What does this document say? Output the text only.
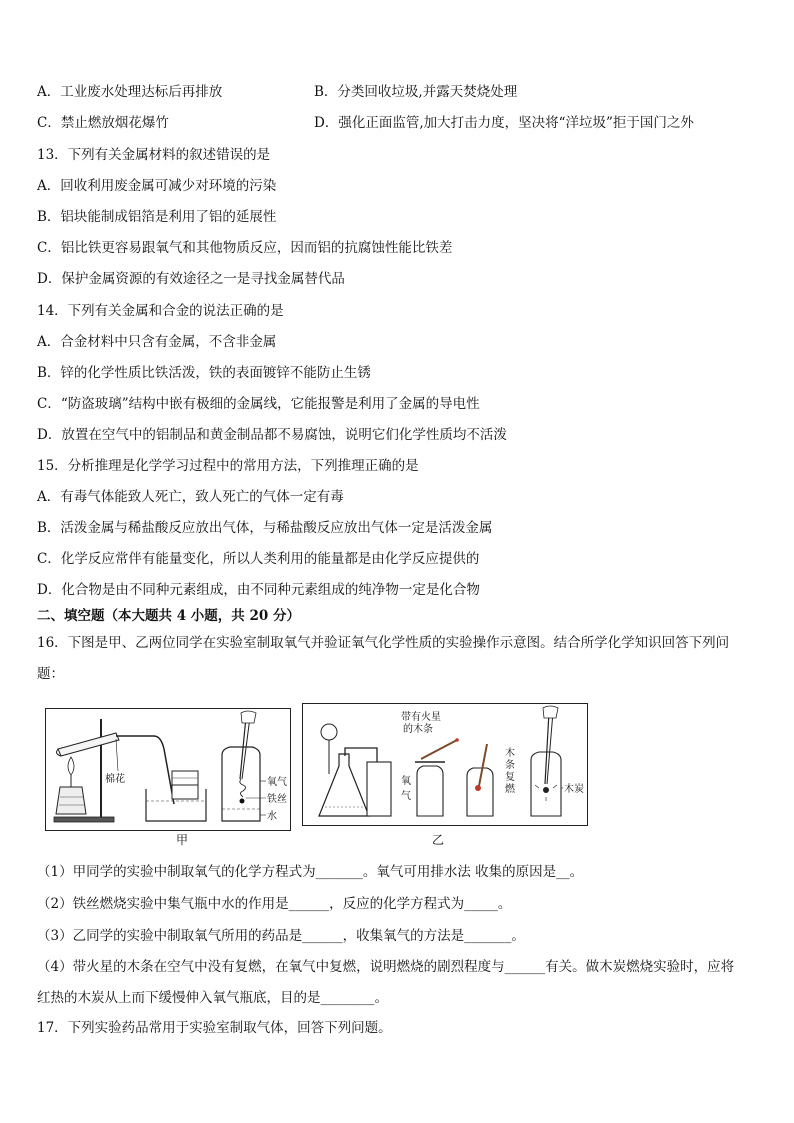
A．工业废水处理达标后再排放	B．分类回收垃圾,并露天焚烧处理
C．禁止燃放烟花爆竹	D．强化正面监管,加大打击力度，坚决将“洋垃圾”拒于国门之外
13．下列有关金属材料的叙述错误的是
A．回收利用废金属可减少对环境的污染
B．铝块能制成铝箔是利用了铝的延展性
C．铝比铁更容易跟氧气和其他物质反应，因而铝的抗腐蚀性能比铁差
D．保护金属资源的有效途径之一是寻找金属替代品
14．下列有关金属和合金的说法正确的是
A．合金材料中只含有金属，不含非金属
B．锌的化学性质比铁活泼，铁的表面镀锌不能防止生锈
C．“防盗玻璃”结构中嵌有极细的金属线，它能报警是利用了金属的导电性
D．放置在空气中的铝制品和黄金制品都不易腐蚀，说明它们化学性质均不活泼
15．分析推理是化学学习过程中的常用方法，下列推理正确的是
A．有毒气体能致人死亡，致人死亡的气体一定有毒
B．活泼金属与稀盐酸反应放出气体，与稀盐酸反应放出气体一定是活泼金属
C．化学反应常伴有能量变化，所以人类利用的能量都是由化学反应提供的
D．化合物是由不同种元素组成，由不同种元素组成的纯净物一定是化合物
二、填空题（本大题共 4 小题，共 20 分）
16．下图是甲、乙两位同学在实验室制取氧气并验证氧气化学性质的实验操作示意图。结合所学化学知识回答下列问
题：
棉花	氧气
铁丝
水
甲
带有火星
的木条
氧
气
木
条
复
燃	木炭
乙
（1）甲同学的实验中制取氧气的化学方程式为_______。氧气可用排水法 收集的原因是__。
（2）铁丝燃烧实验中集气瓶中水的作用是______，反应的化学方程式为_____。
（3）乙同学的实验中制取氧气所用的药品是______，收集氧气的方法是_______。
（4）带火星的木条在空气中没有复燃，在氧气中复燃，说明燃烧的剧烈程度与______有关。做木炭燃烧实验时，应将
红热的木炭从上而下缓慢伸入氧气瓶底，目的是________。
17．下列实验药品常用于实验室制取气体，回答下列问题。
